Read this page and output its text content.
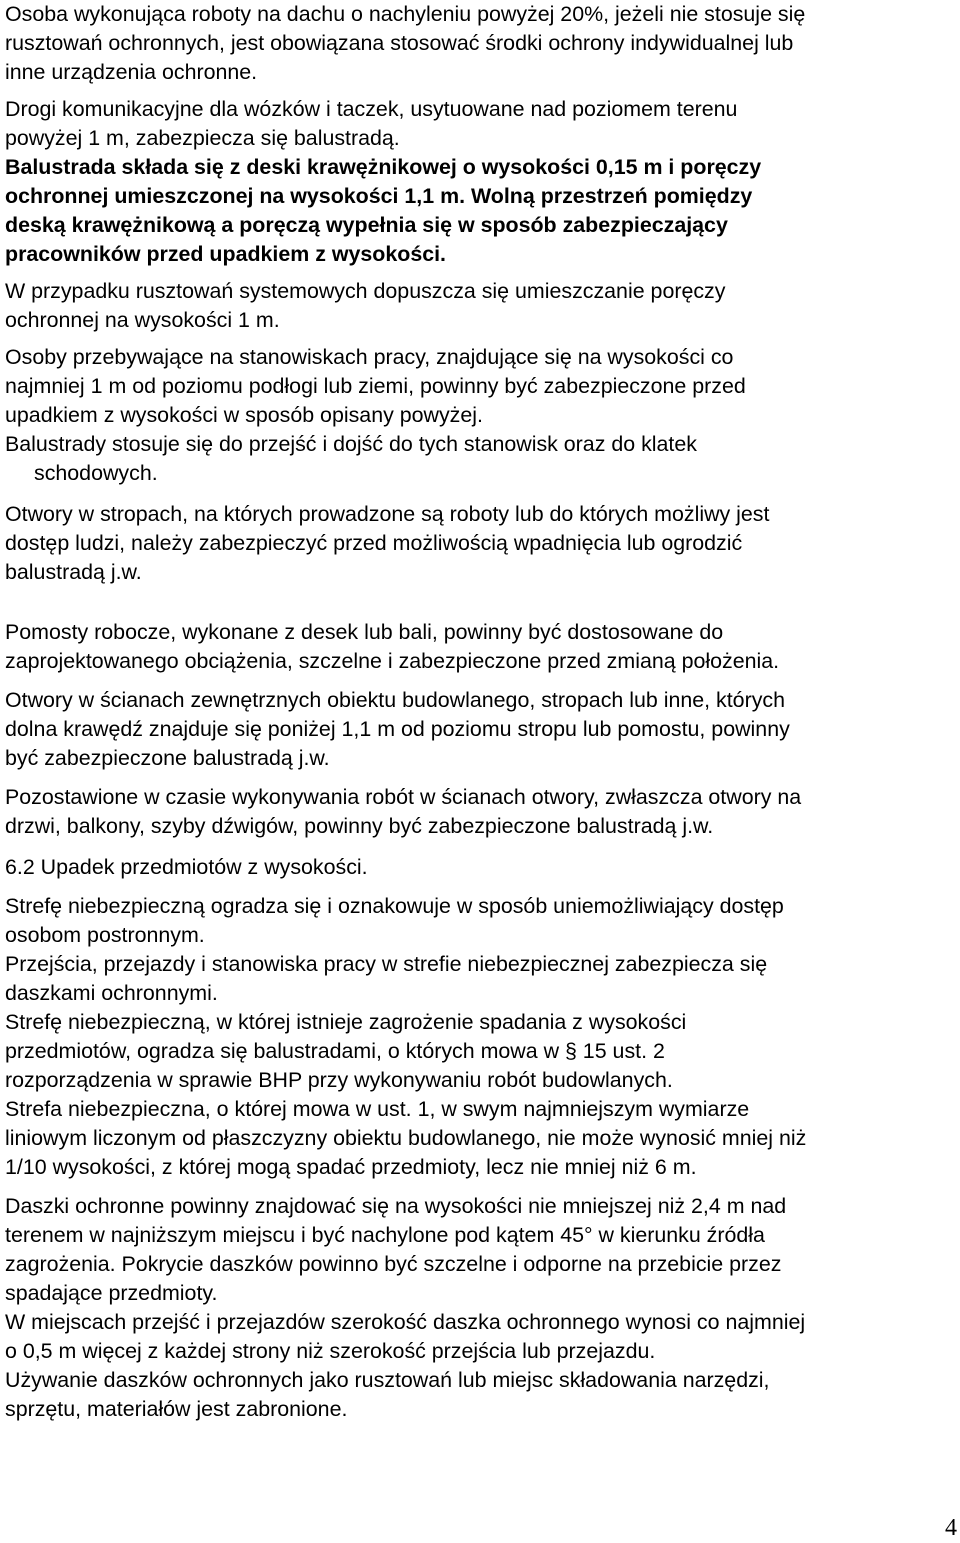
Osoba wykonująca roboty na dachu o nachyleniu powyżej 20%, jeżeli nie stosuje się
rusztowań ochronnych, jest obowiązana stosować środki ochrony indywidualnej lub
inne urządzenia ochronne.
Drogi komunikacyjne dla wózków i taczek, usytuowane nad poziomem terenu
powyżej 1 m, zabezpiecza się balustradą.
Balustrada składa się z deski krawężnikowej o wysokości 0,15 m i poręczy
ochronnej umieszczonej na wysokości 1,1 m. Wolną przestrzeń pomiędzy
deską krawężnikową a poręczą wypełnia się w sposób zabezpieczający
pracowników przed upadkiem z wysokości.
W przypadku rusztowań systemowych dopuszcza się umieszczanie poręczy
ochronnej na wysokości 1 m.
Osoby przebywające na stanowiskach pracy, znajdujące się na wysokości co
najmniej 1 m od poziomu podłogi lub ziemi, powinny być zabezpieczone przed
upadkiem z wysokości w sposób opisany powyżej.
Balustrady stosuje się do przejść i dojść do tych stanowisk oraz do klatek
schodowych.
Otwory w stropach, na których prowadzone są roboty lub do których możliwy jest
dostęp ludzi, należy zabezpieczyć przed możliwością wpadnięcia lub ogrodzić
balustradą j.w.
Pomosty robocze, wykonane z desek lub bali, powinny być dostosowane do
zaprojektowanego obciążenia, szczelne i zabezpieczone przed zmianą położenia.
Otwory w ścianach zewnętrznych obiektu budowlanego, stropach lub inne, których
dolna krawędź znajduje się poniżej 1,1 m od poziomu stropu lub pomostu, powinny
być zabezpieczone balustradą j.w.
Pozostawione w czasie wykonywania robót w ścianach otwory, zwłaszcza otwory na
drzwi, balkony, szyby dźwigów, powinny być zabezpieczone balustradą j.w.
6.2 Upadek przedmiotów z wysokości.
Strefę niebezpieczną ogradza się i oznakowuje w sposób uniemożliwiający dostęp
osobom postronnym.
Przejścia, przejazdy i stanowiska pracy w strefie niebezpiecznej zabezpiecza się
daszkami ochronnymi.
Strefę niebezpieczną, w której istnieje zagrożenie spadania z wysokości
przedmiotów, ogradza się balustradami, o których mowa w § 15 ust. 2
rozporządzenia w sprawie BHP przy wykonywaniu robót budowlanych.
Strefa niebezpieczna, o której mowa w ust. 1, w swym najmniejszym wymiarze
liniowym liczonym od płaszczyzny obiektu budowlanego, nie może wynosić mniej niż
1/10 wysokości, z której mogą spadać przedmioty, lecz nie mniej niż 6 m.
Daszki ochronne powinny znajdować się na wysokości nie mniejszej niż 2,4 m nad
terenem w najniższym miejscu i być nachylone pod kątem 45° w kierunku źródła
zagrożenia. Pokrycie daszków powinno być szczelne i odporne na przebicie przez
spadające przedmioty.
W miejscach przejść i przejazdów szerokość daszka ochronnego wynosi co najmniej
o 0,5 m więcej z każdej strony niż szerokość przejścia lub przejazdu.
Używanie daszków ochronnych jako rusztowań lub miejsc składowania narzędzi,
sprzętu, materiałów jest zabronione.
4
